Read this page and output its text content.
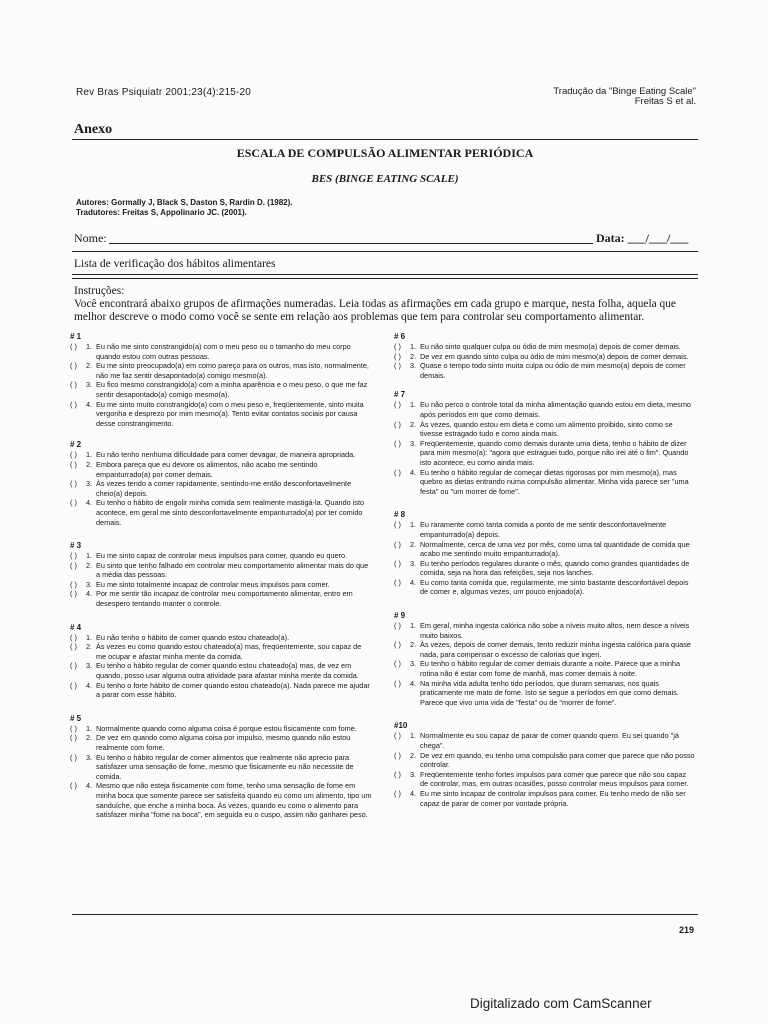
Rev Bras Psiquiatr 2001;23(4):215-20	Tradução da "Binge Eating Scale"
Freitas S et al.
Anexo
ESCALA DE COMPULSÃO ALIMENTAR PERIÓDICA
BES (BINGE EATING SCALE)
Autores: Gormally J, Black S, Daston S, Rardin D. (1982).
Tradutores: Freitas S, Appolinario JC. (2001).
Nome:	Data: ___/___/___
Lista de verificação dos hábitos alimentares
Instruções:
Você encontrará abaixo grupos de afirmações numeradas. Leia todas as afirmações em cada grupo e marque, nesta folha, aquela que melhor descreve o modo como você se sente em relação aos problemas que tem para controlar seu comportamento alimentar.
# 1
( )	1. Eu não me sinto constrangido(a) com o meu peso ou o tamanho do meu corpo quando estou com outras pessoas.
( )	2. Eu me sinto preocupado(a) em como pareço para os outros, mas isto, normalmente, não me faz sentir desapontado(a) comigo mesmo(a).
( )	3. Eu fico mesmo constrangido(a) com a minha aparência e o meu peso, o que me faz sentir desapontado(a) comigo mesmo(a).
( )	4. Eu me sinto muito constrangido(a) com o meu peso e, freqüentemente, sinto muita vergonha e desprezo por mim mesmo(a). Tento evitar contatos sociais por causa desse constrangimento.
# 2
( )	1. Eu não tenho nenhuma dificuldade para comer devagar, de maneira apropriada.
( )	2. Embora pareça que eu devore os alimentos, não acabo me sentindo empanturrado(a) por comer demais.
( )	3. Às vezes tendo a comer rapidamente, sentindo-me então desconfortavelmente cheio(a) depois.
( )	4. Eu tenho o hábito de engolir minha comida sem realmente mastigá-la. Quando isto acontece, em geral me sinto desconfortavelmente empanturrado(a) por ter comido demais.
# 3
( )	1. Eu me sinto capaz de controlar meus impulsos para comer, quando eu quero.
( )	2. Eu sinto que tenho falhado em controlar meu comportamento alimentar mais do que a média das pessoas.
( )	3. Eu me sinto totalmente incapaz de controlar meus impulsos para comer.
( )	4. Por me sentir tão incapaz de controlar meu comportamento alimentar, entro em desespero tentando manter o controle.
# 4
( )	1. Eu não tenho o hábito de comer quando estou chateado(a).
( )	2. Às vezes eu como quando estou chateado(a) mas, freqüentemente, sou capaz de me ocupar e afastar minha mente da comida.
( )	3. Eu tenho o hábito regular de comer quando estou chateado(a) mas, de vez em quando, posso usar alguma outra atividade para afastar minha mente da comida.
( )	4. Eu tenho o forte hábito de comer quando estou chateado(a). Nada parece me ajudar a parar com esse hábito.
# 5
( )	1. Normalmente quando como alguma coisa é porque estou fisicamente com fome.
( )	2. De vez em quando como alguma coisa por impulso, mesmo quando não estou realmente com fome.
( )	3. Eu tenho o hábito regular de comer alimentos que realmente não aprecio para satisfazer uma sensação de fome, mesmo que fisicamente eu não necessite de comida.
( )	4. Mesmo que não esteja fisicamente com fome, tenho uma sensação de fome em minha boca que somente parece ser satisfeita quando eu como um alimento, tipo um sanduíche, que enche a minha boca. Às vezes, quando eu como o alimento para satisfazer minha "fome na boca", em seguida eu o cuspo, assim não ganharei peso.
# 6
( )	1. Eu não sinto qualquer culpa ou ódio de mim mesmo(a) depois de comer demais.
( )	2. De vez em quando sinto culpa ou ódio de mim mesmo(a) depois de comer demais.
( )	3. Quase o tempo todo sinto muita culpa ou ódio de mim mesmo(a) depois de comer demais.
# 7
( )	1. Eu não perco o controle total da minha alimentação quando estou em dieta, mesmo após períodos em que como demais.
( )	2. Às vezes, quando estou em dieta e como um alimento proibido, sinto como se tivesse estragado tudo e como ainda mais.
( )	3. Freqüentemente, quando como demais durante uma dieta, tenho o hábito de dizer para mim mesmo(a): "agora que estraguei tudo, porque não irei até o fim". Quando isto acontece, eu como ainda mais.
( )	4. Eu tenho o hábito regular de começar dietas rigorosas por mim mesmo(a), mas quebro as dietas entrando numa compulsão alimentar. Minha vida parece ser "uma festa" ou "um morrer de fome".
# 8
( )	1. Eu raramente como tanta comida a ponto de me sentir desconfortavelmente empanturrado(a) depois.
( )	2. Normalmente, cerca de uma vez por mês, como uma tal quantidade de comida que acabo me sentindo muito empanturrado(a).
( )	3. Eu tenho períodos regulares durante o mês, quando como grandes quantidades de comida, seja na hora das refeições, seja nos lanches.
( )	4. Eu como tanta comida que, regularmente, me sinto bastante desconfortável depois de comer e, algumas vezes, um pouco enjoado(a).
# 9
( )	1. Em geral, minha ingesta calórica não sobe a níveis muito altos, nem desce a níveis muito baixos.
( )	2. Às vezes, depois de comer demais, tento reduzir minha ingesta calórica para quase nada, para compensar o excesso de calorias que ingeri.
( )	3. Eu tenho o hábito regular de comer demais durante a noite. Parece que a minha rotina não é estar com fome de manhã, mas comer demais à noite.
( )	4. Na minha vida adulta tenho tido períodos, que duram semanas, nos quais praticamente me mato de fome. Isto se segue a períodos em que como demais. Parece que vivo uma vida de "festa" ou de "morrer de fome".
#10
( )	1. Normalmente eu sou capaz de parar de comer quando quero. Eu sei quando "já chega".
( )	2. De vez em quando, eu tenho uma compulsão para comer que parece que não posso controlar.
( )	3. Freqüentemente tenho fortes impulsos para comer que parece que não sou capaz de controlar, mas, em outras ocasiões, posso controlar meus impulsos para comer.
( )	4. Eu me sinto incapaz de controlar impulsos para comer. Eu tenho medo de não ser capaz de parar de comer por vontade própria.
219
Digitalizado com CamScanner
